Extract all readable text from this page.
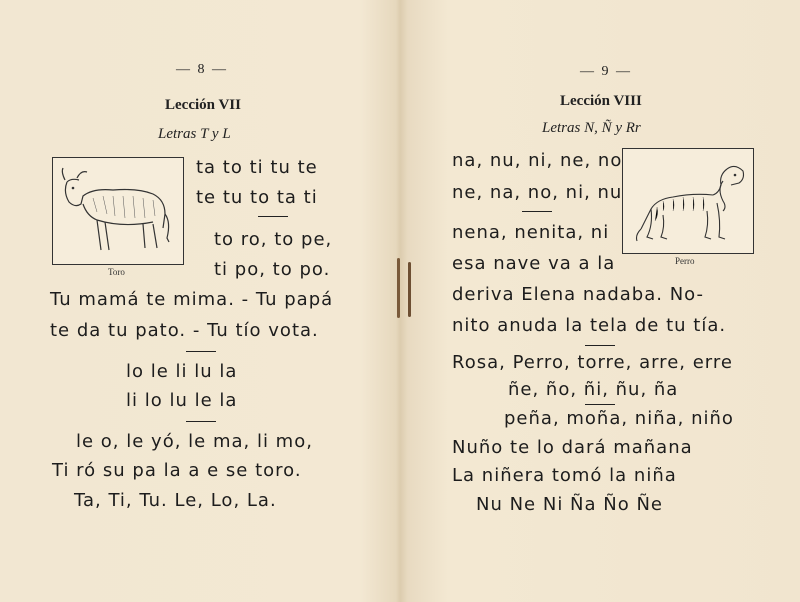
— 8 —
Lección VII
Letras T y L
Toro
ta to ti tu te
te tu to ta ti
to ro, to pe,
ti po, to po.
Tu mamá te mima. - Tu papá
te da tu pato. - Tu tío vota.
lo le li lu la
li lo lu le la
le o, le yó, le ma, li mo,
Ti ró su pa la a e se toro.
Ta, Ti, Tu. Le, Lo, La.
— 9 —
Lección VIII
Letras N, Ñ y Rr
Perro
na, nu, ni, ne, no
ne, na, no, ni, nu
nena, nenita, ni
esa nave va a la
deriva Elena nadaba. No-
nito anuda la tela de tu tía.
Rosa, Perro, torre, arre, erre
ñe, ño, ñi, ñu, ña
peña, moña, niña, niño
Nuño te lo dará mañana
La niñera tomó la niña
Nu Ne Ni Ña Ño Ñe
